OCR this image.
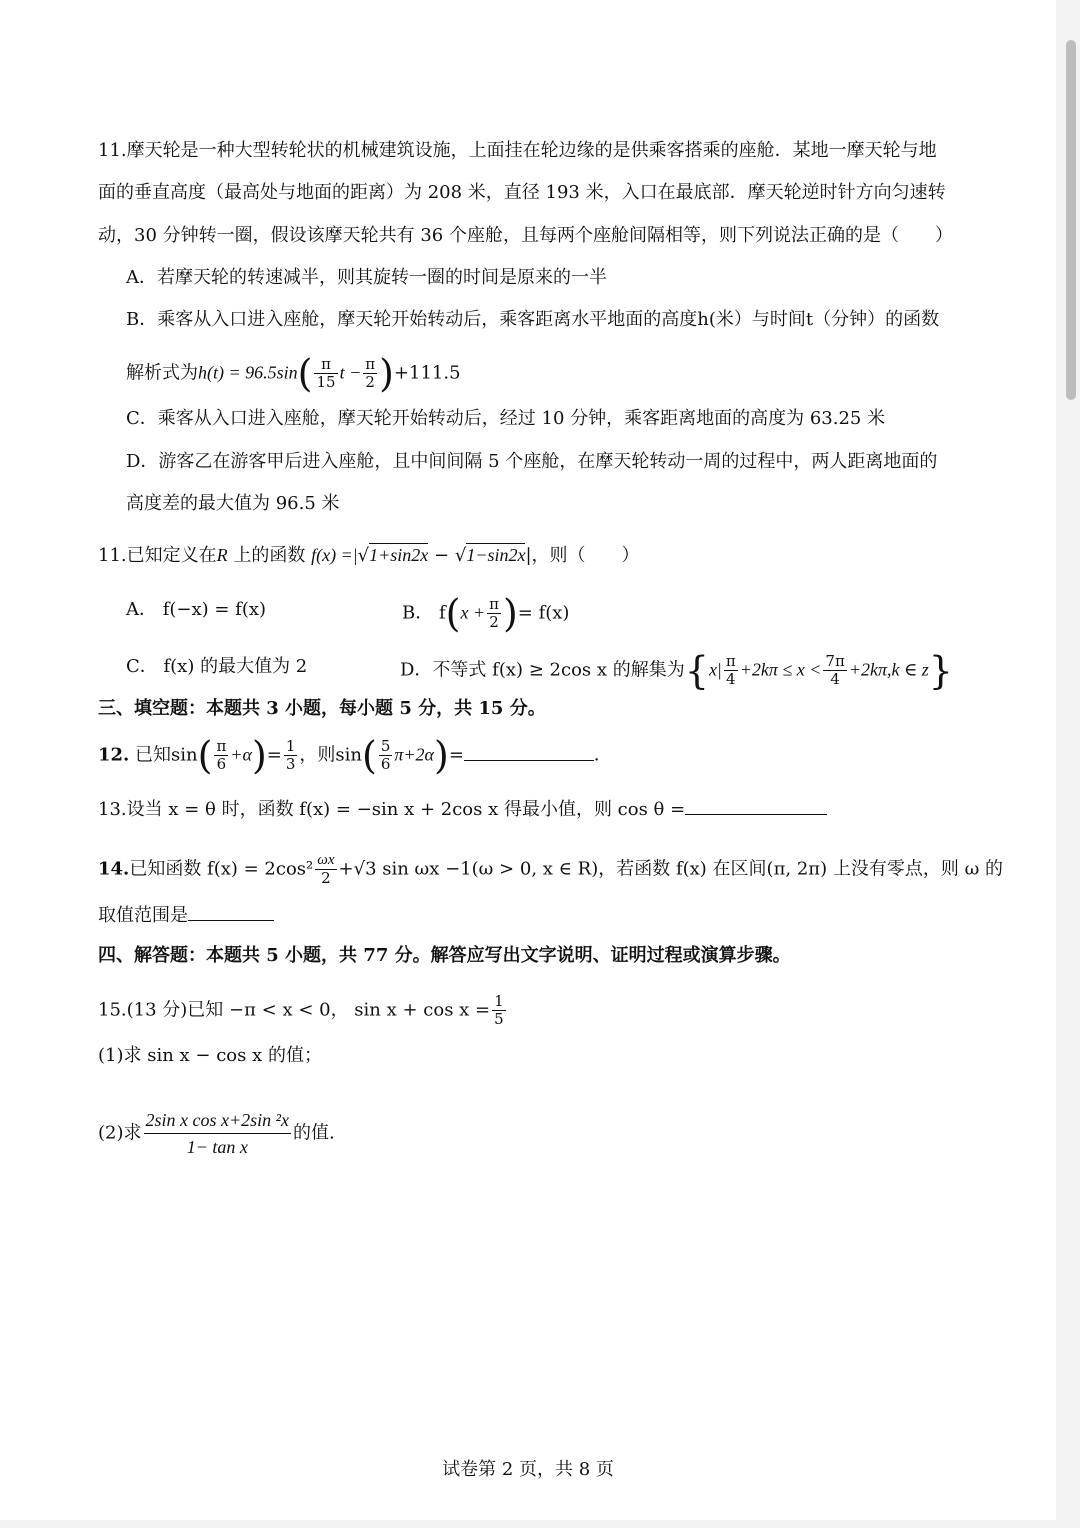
11.摩天轮是一种大型转轮状的机械建筑设施，上面挂在轮边缘的是供乘客搭乘的座舱．某地一摩天轮与地
面的垂直高度（最高处与地面的距离）为 208 米，直径 193 米，入口在最底部．摩天轮逆时针方向匀速转
动，30 分钟转一圈，假设该摩天轮共有 36 个座舱，且每两个座舱间隔相等，则下列说法正确的是（　　）
A．若摩天轮的转速减半，则其旋转一圈的时间是原来的一半
B．乘客从入口进入座舱，摩天轮开始转动后，乘客距离水平地面的高度h(米）与时间t（分钟）的函数
解析式为$h(t) = 96.5\sin( \frac{\pi}{15}$ $t - \frac{\pi}{2} )+111.5$
C．乘客从入口进入座舱，摩天轮开始转动后，经过 10 分钟，乘客距离地面的高度为 63.25 米
D．游客乙在游客甲后进入座舱，且中间间隔 5 个座舱，在摩天轮转动一周的过程中，两人距离地面的
高度差的最大值为 96.5 米
11.已知定义在R 上的函数 f(x) =|√1+sin2x − √1−sin2x|，则（　　）
A． f(−x) = f(x)	B． $f(x + \frac{\pi}{2}$ )= f(x)
C． f(x) 的最大值为 2	D．不等式 f(x) ≥ 2cos x 的解集为{$x| \frac{\pi}{4} +2k\pi \le x < \frac{7\pi}{4} +2k\pi,k$ ∈ z}
三、填空题：本题共 3 小题，每小题 5 分，共 15 分。
12. 已知$\sin( \frac{\pi}{6} +\alpha)= \frac{1}{3}$ ，则$\sin( \frac{5}{6} \pi+2\alpha)=$	．
13.设当 x = θ 时，函数 f(x) = −sin x + 2cos x 得最小值，则 cos θ =
14.已知函数 $f(x) = 2\cos^2 \frac{\omega x}{2} +√3$ sin ωx −1(ω > 0, x ∈ R)，若函数 f(x) 在区间(π, 2π) 上没有零点，则 ω 的
取值范围是
四、解答题：本题共 5 小题，共 77 分。解答应写出文字说明、证明过程或演算步骤。
15.(13 分)已知 −π < x < 0， $\sin x + \cos x = \frac{1}{5}$
(1)求 sin x − cos x 的值；
(2)求 $\frac{\text{2sin x cos x+2sin ²x}}{\text{1− tan x}}$ 的值.
试卷第 2 页，共 8 页
